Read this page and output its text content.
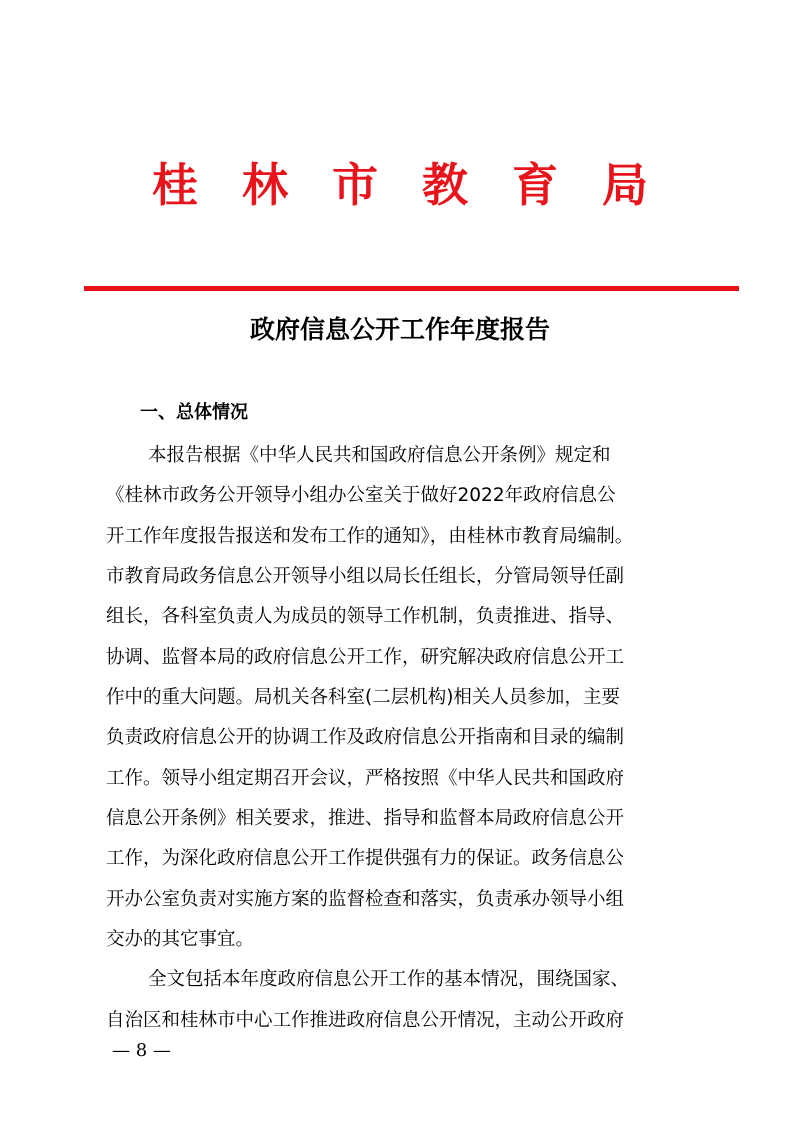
桂林市教育局
政府信息公开工作年度报告
一、总体情况
本报告根据《中华人民共和国政府信息公开条例》规定和
《桂林市政务公开领导小组办公室关于做好2022年政府信息公
开工作年度报告报送和发布工作的通知》，由桂林市教育局编制。
市教育局政务信息公开领导小组以局长任组长，分管局领导任副
组长，各科室负责人为成员的领导工作机制，负责推进、指导、
协调、监督本局的政府信息公开工作，研究解决政府信息公开工
作中的重大问题。局机关各科室(二层机构)相关人员参加，主要
负责政府信息公开的协调工作及政府信息公开指南和目录的编制
工作。领导小组定期召开会议，严格按照《中华人民共和国政府
信息公开条例》相关要求，推进、指导和监督本局政府信息公开
工作，为深化政府信息公开工作提供强有力的保证。政务信息公
开办公室负责对实施方案的监督检查和落实，负责承办领导小组
交办的其它事宜。
全文包括本年度政府信息公开工作的基本情况，围绕国家、
自治区和桂林市中心工作推进政府信息公开情况，主动公开政府
— 8 —
